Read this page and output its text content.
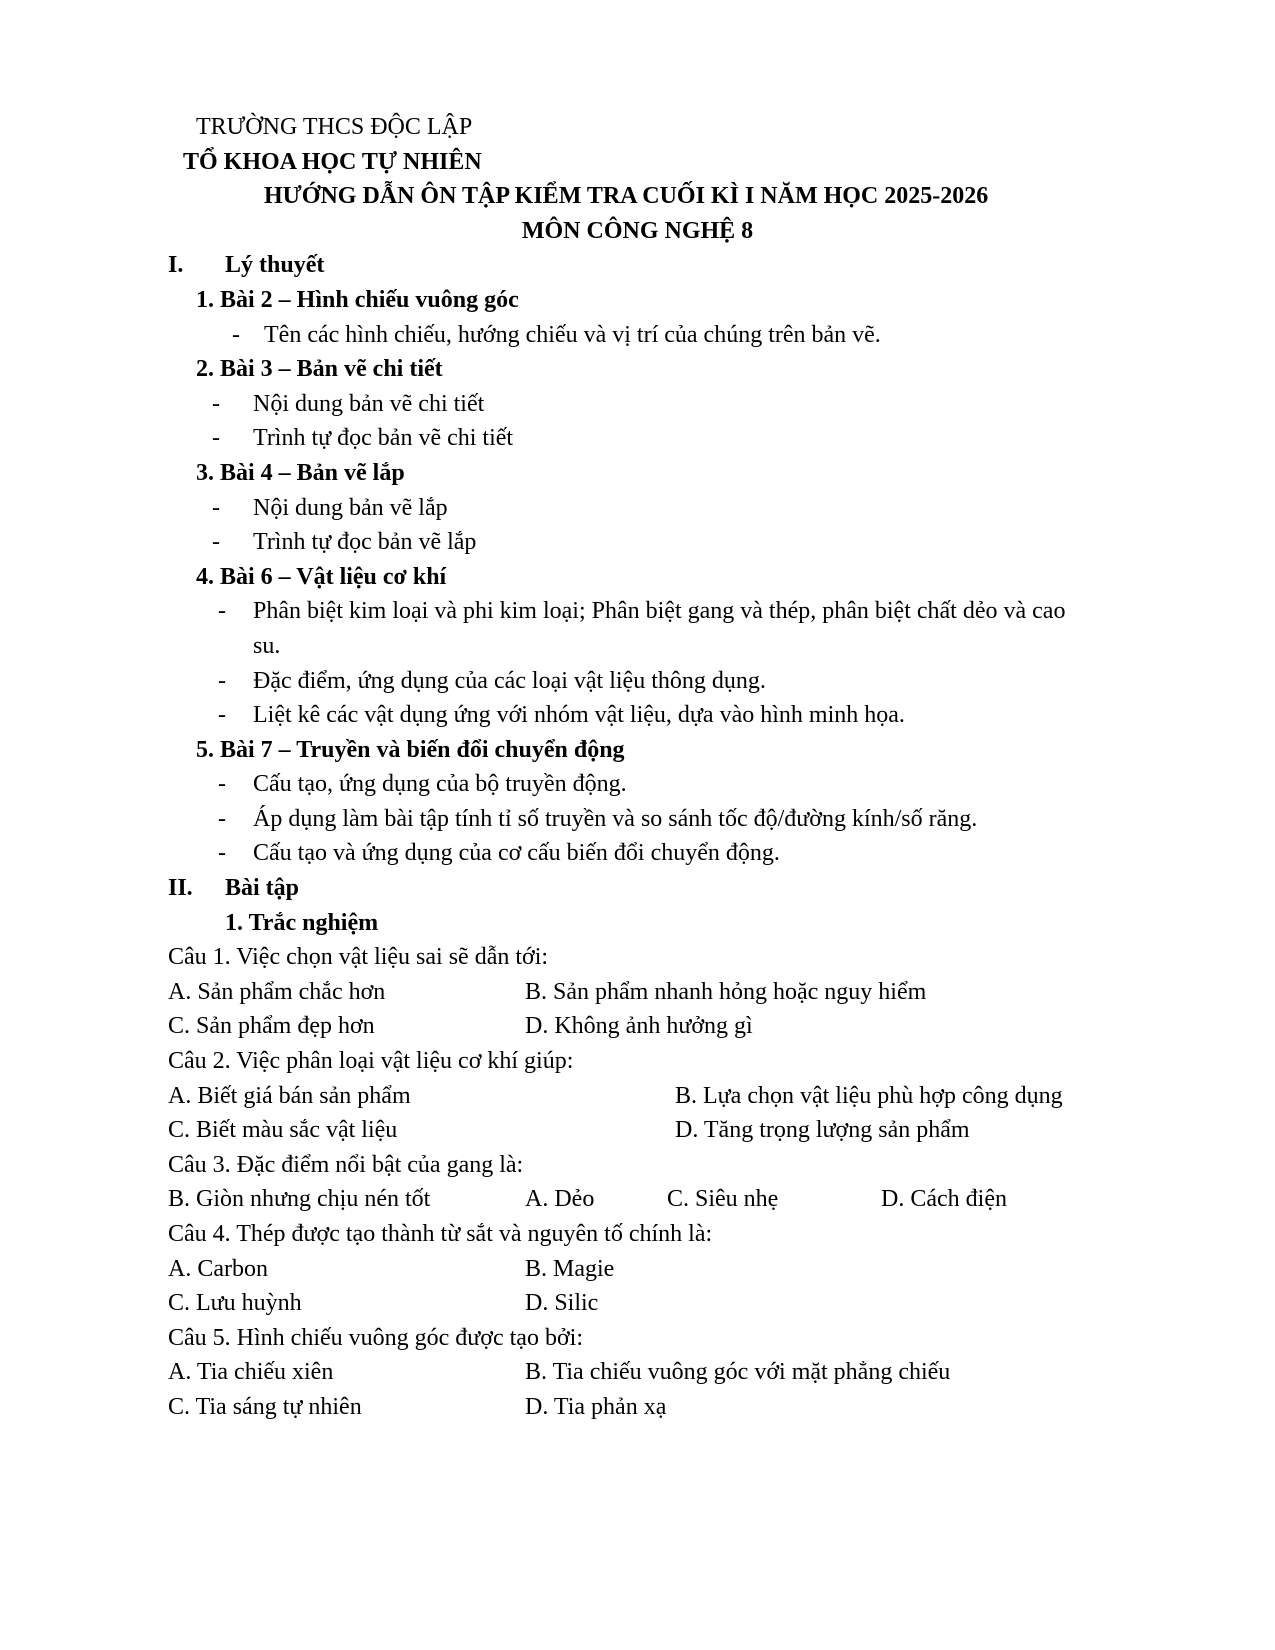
TRƯỜNG THCS ĐỘC LẬP
TỔ KHOA HỌC TỰ NHIÊN
HƯỚNG DẪN ÔN TẬP KIỂM TRA CUỐI KÌ I NĂM HỌC 2025-2026
MÔN CÔNG NGHỆ 8
I. Lý thuyết
1. Bài 2 – Hình chiếu vuông góc
- Tên các hình chiếu, hướng chiếu và vị trí của chúng trên bản vẽ.
2. Bài 3 – Bản vẽ chi tiết
- Nội dung bản vẽ chi tiết
- Trình tự đọc bản vẽ chi tiết
3. Bài 4 – Bản vẽ lắp
- Nội dung bản vẽ lắp
- Trình tự đọc bản vẽ lắp
4. Bài 6 – Vật liệu cơ khí
- Phân biệt kim loại và phi kim loại; Phân biệt gang và thép, phân biệt chất dẻo và cao
su.
- Đặc điểm, ứng dụng của các loại vật liệu thông dụng.
- Liệt kê các vật dụng ứng với nhóm vật liệu, dựa vào hình minh họa.
5. Bài 7 – Truyền và biến đổi chuyển động
- Cấu tạo, ứng dụng của bộ truyền động.
- Áp dụng làm bài tập tính tỉ số truyền và so sánh tốc độ/đường kính/số răng.
- Cấu tạo và ứng dụng của cơ cấu biến đổi chuyển động.
II. Bài tập
1. Trắc nghiệm
Câu 1. Việc chọn vật liệu sai sẽ dẫn tới:
A. Sản phẩm chắc hơn	B. Sản phẩm nhanh hỏng hoặc nguy hiểm
C. Sản phẩm đẹp hơn	D. Không ảnh hưởng gì
Câu 2. Việc phân loại vật liệu cơ khí giúp:
A. Biết giá bán sản phẩm	B. Lựa chọn vật liệu phù hợp công dụng
C. Biết màu sắc vật liệu	D. Tăng trọng lượng sản phẩm
Câu 3. Đặc điểm nổi bật của gang là:
B. Giòn nhưng chịu nén tốt	A. Dẻo	C. Siêu nhẹ	D. Cách điện
Câu 4. Thép được tạo thành từ sắt và nguyên tố chính là:
A. Carbon	B. Magie
C. Lưu huỳnh	D. Silic
Câu 5. Hình chiếu vuông góc được tạo bởi:
A. Tia chiếu xiên	B. Tia chiếu vuông góc với mặt phẳng chiếu
C. Tia sáng tự nhiên	D. Tia phản xạ
